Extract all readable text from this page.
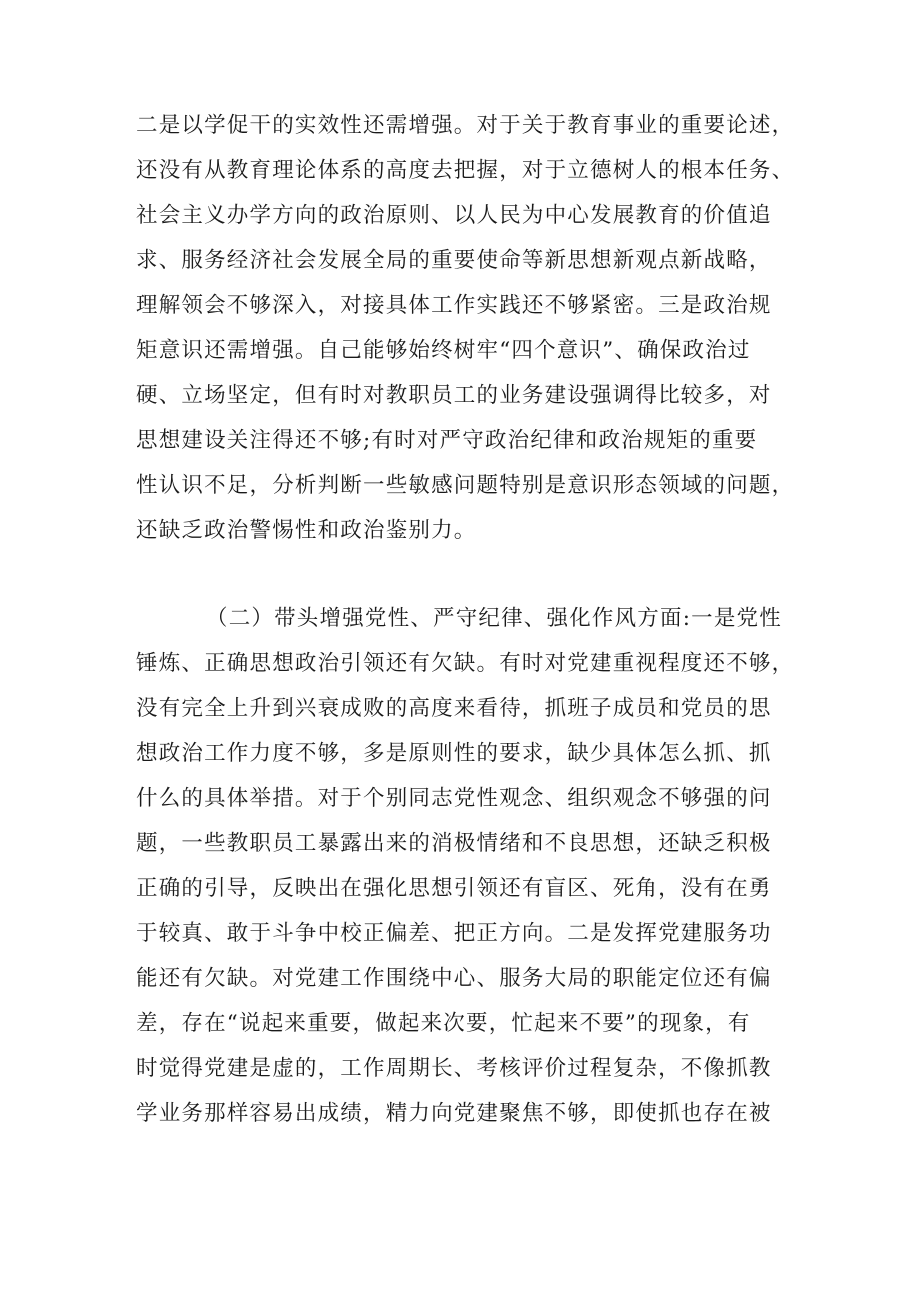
二是以学促干的实效性还需增强。对于关于教育事业的重要论述，
还没有从教育理论体系的高度去把握，对于立德树人的根本任务、
社会主义办学方向的政治原则、以人民为中心发展教育的价值追
求、服务经济社会发展全局的重要使命等新思想新观点新战略，
理解领会不够深入，对接具体工作实践还不够紧密。三是政治规
矩意识还需增强。自己能够始终树牢“四个意识”、确保政治过
硬、立场坚定，但有时对教职员工的业务建设强调得比较多，对
思想建设关注得还不够;有时对严守政治纪律和政治规矩的重要
性认识不足，分析判断一些敏感问题特别是意识形态领域的问题，
还缺乏政治警惕性和政治鉴别力。
（二）带头增强党性、严守纪律、强化作风方面:一是党性
锤炼、正确思想政治引领还有欠缺。有时对党建重视程度还不够，
没有完全上升到兴衰成败的高度来看待，抓班子成员和党员的思
想政治工作力度不够，多是原则性的要求，缺少具体怎么抓、抓
什么的具体举措。对于个别同志党性观念、组织观念不够强的问
题，一些教职员工暴露出来的消极情绪和不良思想，还缺乏积极
正确的引导，反映出在强化思想引领还有盲区、死角，没有在勇
于较真、敢于斗争中校正偏差、把正方向。二是发挥党建服务功
能还有欠缺。对党建工作围绕中心、服务大局的职能定位还有偏
差，存在“说起来重要，做起来次要，忙起来不要”的现象，有
时觉得党建是虚的，工作周期长、考核评价过程复杂，不像抓教
学业务那样容易出成绩，精力向党建聚焦不够，即使抓也存在被
